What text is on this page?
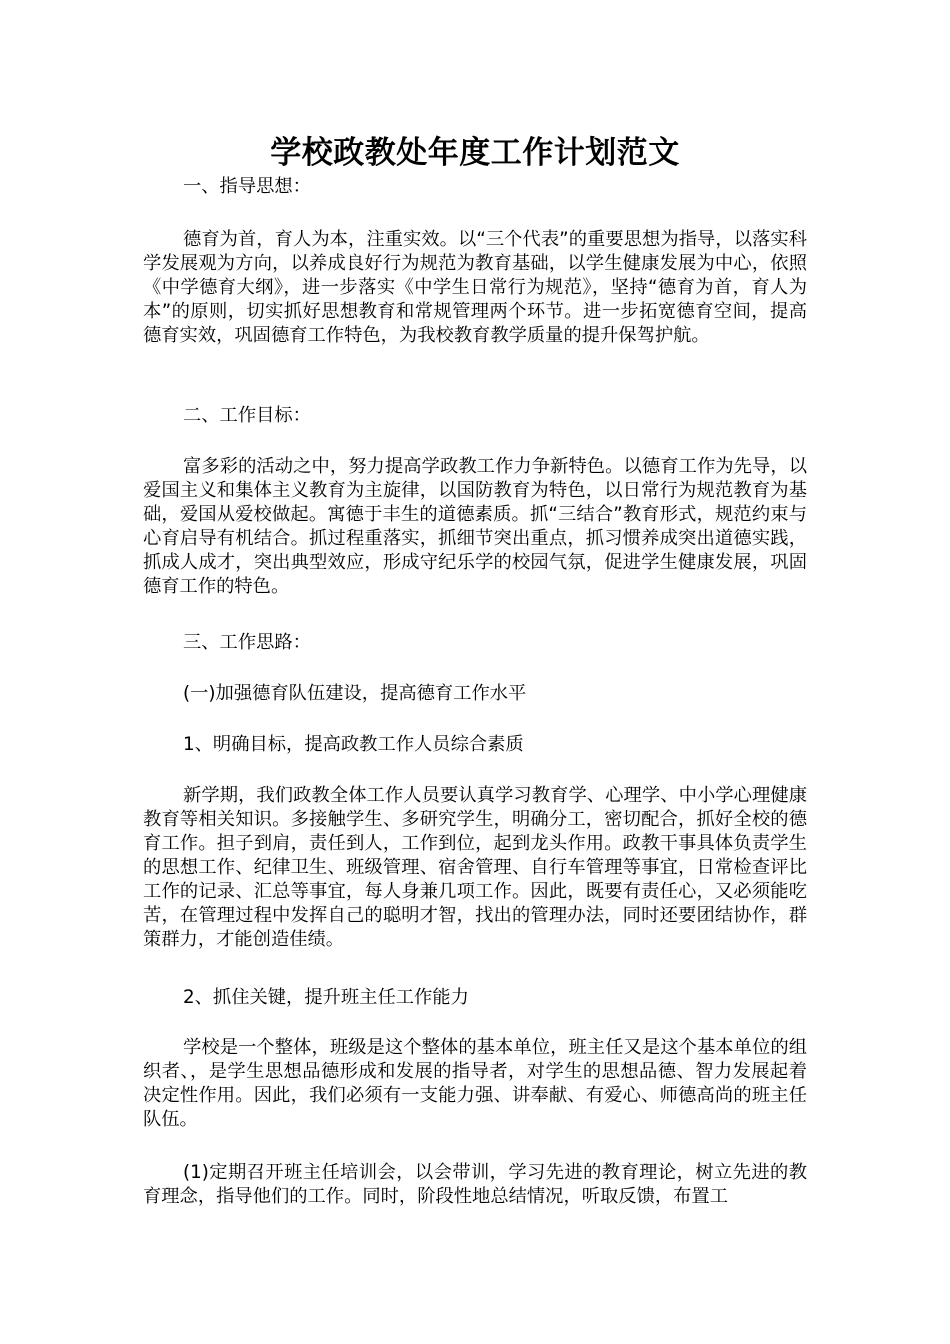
学校政教处年度工作计划范文
一、指导思想：
德育为首，育人为本，注重实效。以“三个代表”的重要思想为指导，以落实科学发展观为方向，以养成良好行为规范为教育基础，以学生健康发展为中心，依照《中学德育大纲》，进一步落实《中学生日常行为规范》，坚持“德育为首，育人为本”的原则，切实抓好思想教育和常规管理两个环节。进一步拓宽德育空间，提高德育实效，巩固德育工作特色，为我校教育教学质量的提升保驾护航。
二、工作目标：
富多彩的活动之中，努力提高学政教工作力争新特色。以德育工作为先导，以爱国主义和集体主义教育为主旋律，以国防教育为特色，以日常行为规范教育为基础，爱国从爱校做起。寓德于丰生的道德素质。抓“三结合”教育形式，规范约束与心育启导有机结合。抓过程重落实，抓细节突出重点，抓习惯养成突出道德实践，抓成人成才，突出典型效应，形成守纪乐学的校园气氛，促进学生健康发展，巩固德育工作的特色。
三、工作思路：
(一)加强德育队伍建设，提高德育工作水平
1、明确目标，提高政教工作人员综合素质
新学期，我们政教全体工作人员要认真学习教育学、心理学、中小学心理健康教育等相关知识。多接触学生、多研究学生，明确分工，密切配合，抓好全校的德育工作。担子到肩，责任到人，工作到位，起到龙头作用。政教干事具体负责学生的思想工作、纪律卫生、班级管理、宿舍管理、自行车管理等事宜，日常检查评比工作的记录、汇总等事宜，每人身兼几项工作。因此，既要有责任心，又必须能吃苦，在管理过程中发挥自己的聪明才智，找出的管理办法，同时还要团结协作，群策群力，才能创造佳绩。
2、抓住关键，提升班主任工作能力
学校是一个整体，班级是这个整体的基本单位，班主任又是这个基本单位的组织者、，是学生思想品德形成和发展的指导者，对学生的思想品德、智力发展起着决定性作用。因此，我们必须有一支能力强、讲奉献、有爱心、师德高尚的班主任队伍。
(1)定期召开班主任培训会，以会带训，学习先进的教育理论，树立先进的教育理念，指导他们的工作。同时，阶段性地总结情况，听取反馈，布置工
